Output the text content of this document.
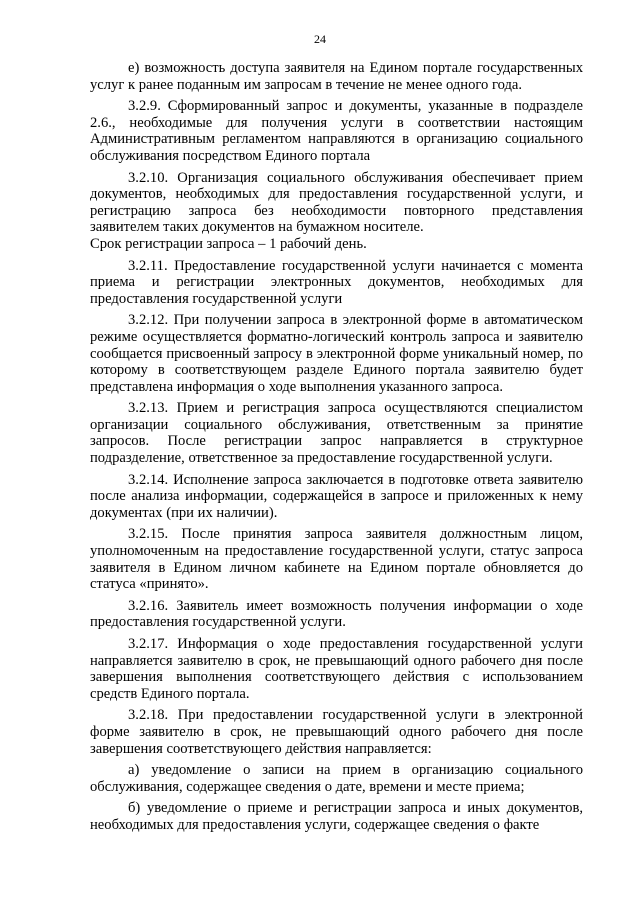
24

е) возможность доступа заявителя на Едином портале государственных услуг к ранее поданным им запросам в течение не менее одного года.

3.2.9. Сформированный запрос и документы, указанные в подразделе 2.6., необходимые для получения услуги в соответствии настоящим Административным регламентом направляются в организацию социального обслуживания посредством Единого портала

3.2.10. Организация социального обслуживания обеспечивает прием документов, необходимых для предоставления государственной услуги, и регистрацию запроса без необходимости повторного представления заявителем таких документов на бумажном носителе.

Срок регистрации запроса – 1 рабочий день.

3.2.11. Предоставление государственной услуги начинается с момента приема и регистрации электронных документов, необходимых для предоставления государственной услуги

3.2.12. При получении запроса в электронной форме в автоматическом режиме осуществляется форматно-логический контроль запроса и заявителю сообщается присвоенный запросу в электронной форме уникальный номер, по которому в соответствующем разделе Единого портала заявителю будет представлена информация о ходе выполнения указанного запроса.

3.2.13. Прием и регистрация запроса осуществляются специалистом организации социального обслуживания, ответственным за принятие запросов. После регистрации запрос направляется в структурное подразделение, ответственное за предоставление государственной услуги.

3.2.14. Исполнение запроса заключается в подготовке ответа заявителю после анализа информации, содержащейся в запросе и приложенных к нему документах (при их наличии).

3.2.15. После принятия запроса заявителя должностным лицом, уполномоченным на предоставление государственной услуги, статус запроса заявителя в Едином личном кабинете на Едином портале обновляется до статуса «принято».

3.2.16. Заявитель имеет возможность получения информации о ходе предоставления государственной услуги.

3.2.17. Информация о ходе предоставления государственной услуги направляется заявителю в срок, не превышающий одного рабочего дня после завершения выполнения соответствующего действия с использованием средств Единого портала.

3.2.18. При предоставлении государственной услуги в электронной форме заявителю в срок, не превышающий одного рабочего дня после завершения соответствующего действия направляется:

а) уведомление о записи на прием в организацию социального обслуживания, содержащее сведения о дате, времени и месте приема;

б) уведомление о приеме и регистрации запроса и иных документов, необходимых для предоставления услуги, содержащее сведения о факте
